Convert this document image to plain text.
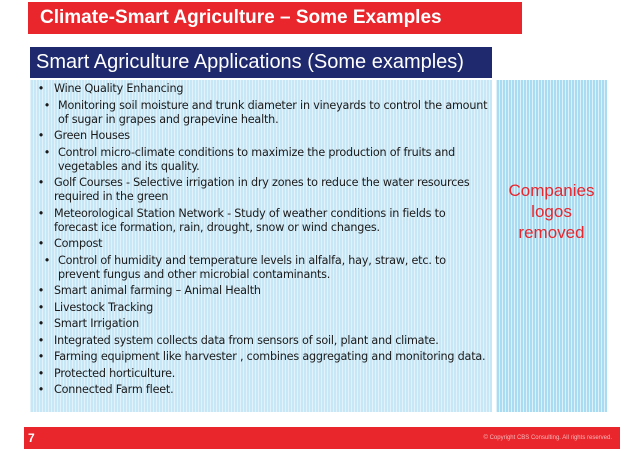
Climate-Smart Agriculture – Some Examples
Smart Agriculture Applications (Some examples)
• Wine Quality Enhancing
• Monitoring soil moisture and trunk diameter in vineyards to control the amount of sugar in grapes and grapevine health.
• Green Houses
• Control micro-climate conditions to maximize the production of fruits and vegetables and its quality.
• Golf Courses - Selective irrigation in dry zones to reduce the water resources required in the green
• Meteorological Station Network - Study of weather conditions in fields to forecast ice formation, rain, drought, snow or wind changes.
• Compost
• Control of humidity and temperature levels in alfalfa, hay, straw, etc. to prevent fungus and other microbial contaminants.
• Smart animal farming – Animal Health
• Livestock Tracking
• Smart Irrigation
• Integrated system collects data from sensors of soil, plant and climate.
• Farming equipment like harvester , combines aggregating and monitoring data.
• Protected horticulture.
• Connected Farm fleet.
Companies logos removed
7	© Copyright CBS Consulting. All rights reserved.
